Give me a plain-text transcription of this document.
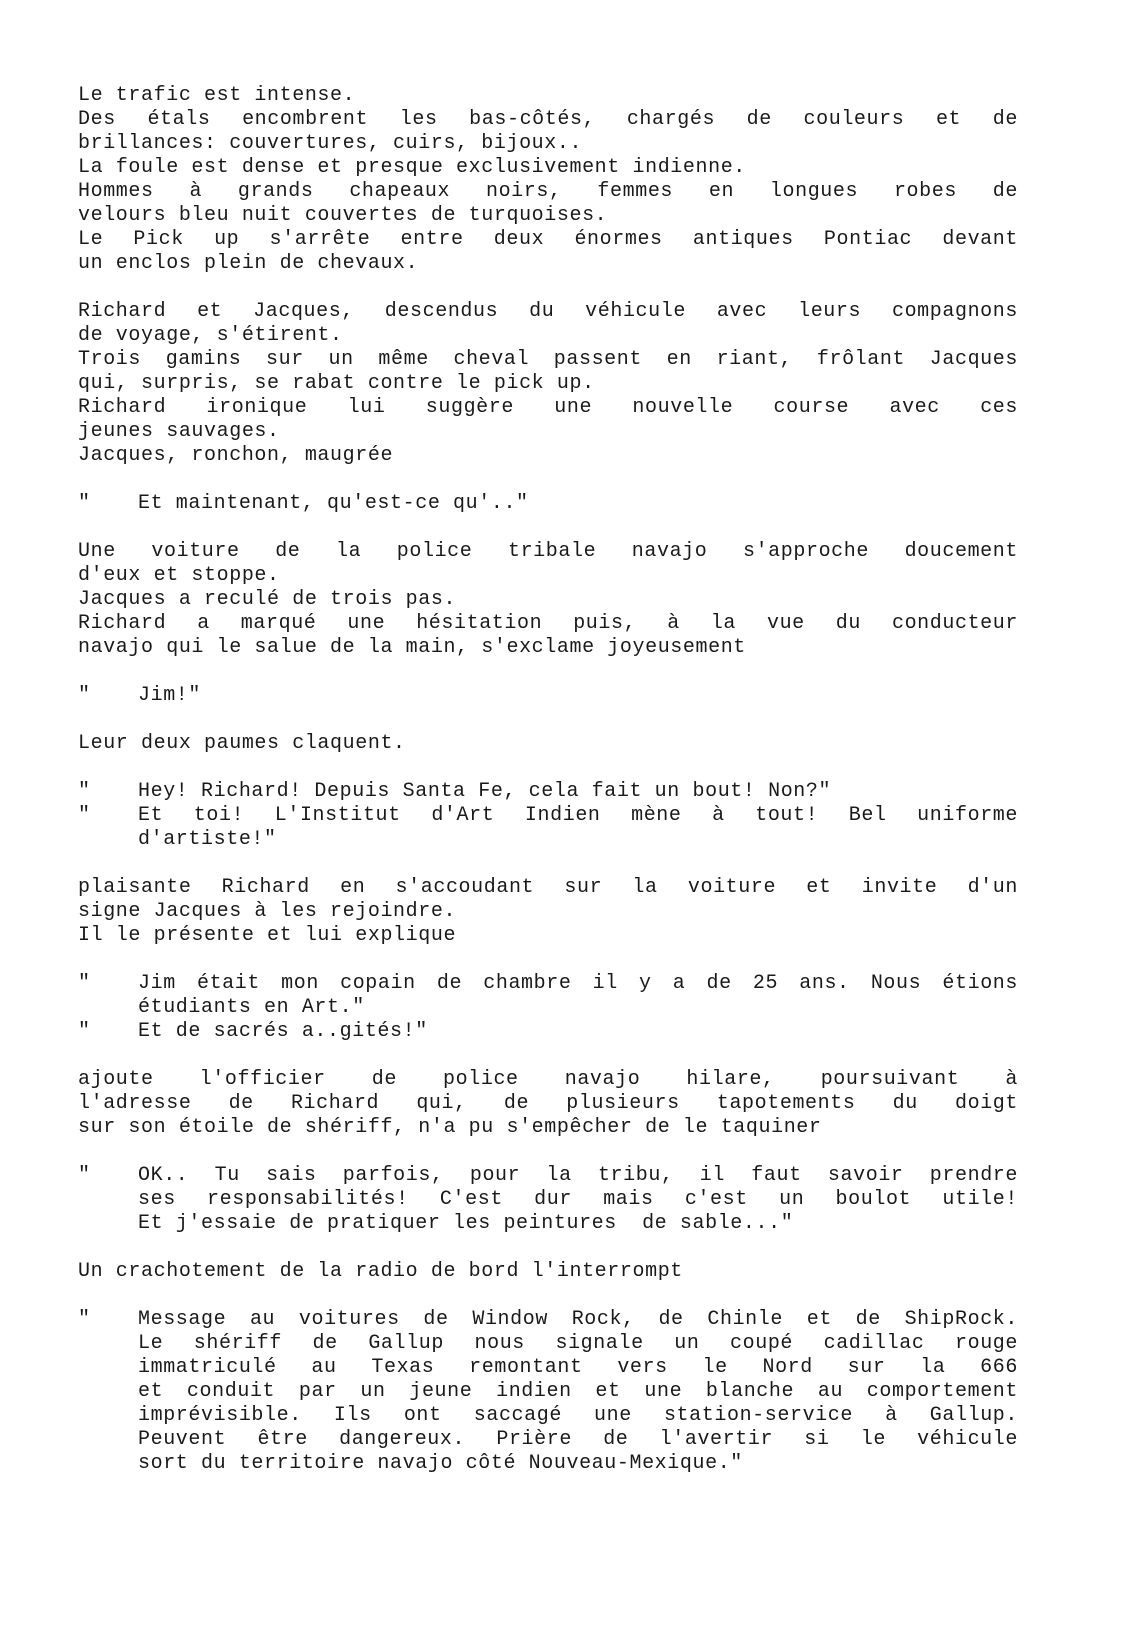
Le trafic est intense.
Des étals encombrent les bas-côtés, chargés de couleurs et de
brillances: couvertures, cuirs, bijoux..
La foule est dense et presque exclusivement indienne.
Hommes à grands chapeaux noirs, femmes en longues robes de
velours bleu nuit couvertes de turquoises.
Le Pick up s'arrête entre deux énormes antiques Pontiac devant
un enclos plein de chevaux.
Richard et Jacques, descendus du véhicule avec leurs compagnons
de voyage, s'étirent.
Trois gamins sur un même cheval passent en riant, frôlant Jacques
qui, surpris, se rabat contre le pick up.
Richard ironique lui suggère une nouvelle course avec ces
jeunes sauvages.
Jacques, ronchon, maugrée
"	Et maintenant, qu'est-ce qu'.."
Une voiture de la police tribale navajo s'approche doucement
d'eux et stoppe.
Jacques a reculé de trois pas.
Richard a marqué une hésitation puis, à la vue du conducteur
navajo qui le salue de la main, s'exclame joyeusement
"	Jim!"
Leur deux paumes claquent.
"	Hey! Richard! Depuis Santa Fe, cela fait un bout! Non?"
"	Et toi! L'Institut d'Art Indien mène à tout! Bel uniforme
d'artiste!"
plaisante Richard en s'accoudant sur la voiture et invite d'un
signe Jacques à les rejoindre.
Il le présente et lui explique
"	Jim était mon copain de chambre il y a de 25 ans. Nous étions
étudiants en Art."
"	Et de sacrés a..gités!"
ajoute l'officier de police navajo hilare, poursuivant à
l'adresse de Richard qui, de plusieurs tapotements du doigt
sur son étoile de shériff, n'a pu s'empêcher de le taquiner
"	OK.. Tu sais parfois, pour la tribu, il faut savoir prendre
ses responsabilités! C'est dur mais c'est un boulot utile!
Et j'essaie de pratiquer les peintures  de sable..."
Un crachotement de la radio de bord l'interrompt
"	Message au voitures de Window Rock, de Chinle et de ShipRock.
Le shériff de Gallup nous signale un coupé cadillac rouge
immatriculé au Texas remontant vers le Nord sur la 666
et conduit par un jeune indien et une blanche au comportement
imprévisible. Ils ont saccagé une station-service à Gallup.
Peuvent être dangereux. Prière de l'avertir si le véhicule
sort du territoire navajo côté Nouveau-Mexique."
